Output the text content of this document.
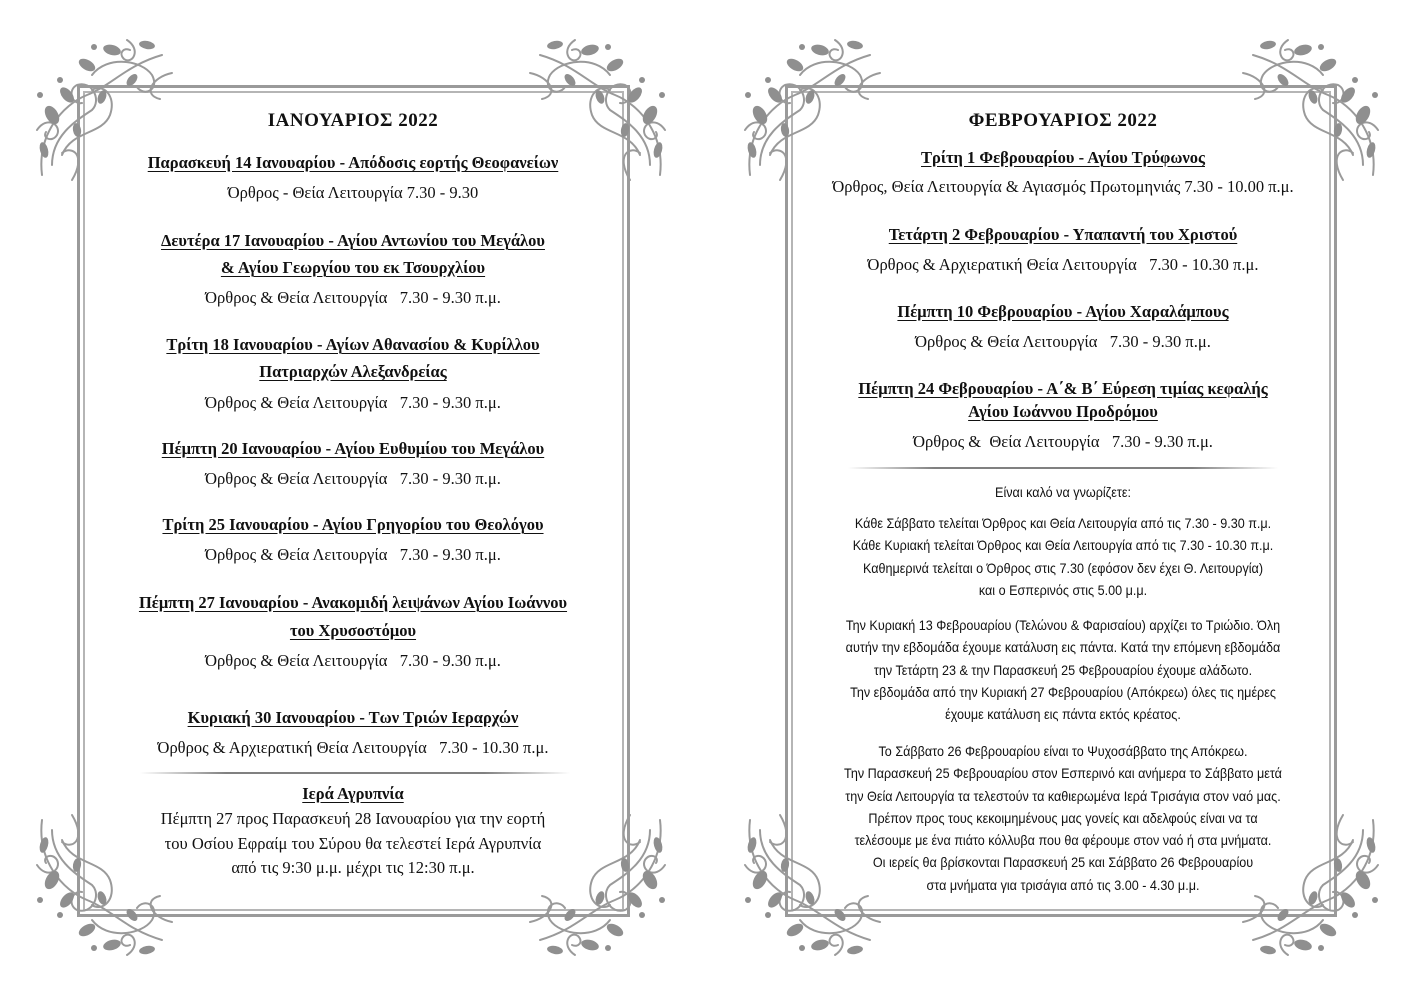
ΙΑΝΟΥΑΡΙΟΣ 2022

Παρασκευή 14 Ιανουαρίου - Απόδοσις εορτής Θεοφανείων

Όρθρος - Θεία Λειτουργία 7.30 - 9.30

Δευτέρα 17 Ιανουαρίου - Αγίου Αντωνίου του Μεγάλου

& Αγίου Γεωργίου του εκ Τσουρχλίου

Όρθρος & Θεία Λειτουργία   7.30 - 9.30 π.μ.

Τρίτη 18 Ιανουαρίου - Αγίων Αθανασίου & Κυρίλλου

Πατριαρχών Αλεξανδρείας

Όρθρος & Θεία Λειτουργία   7.30 - 9.30 π.μ.

Πέμπτη 20 Ιανουαρίου - Αγίου Ευθυμίου του Μεγάλου

Όρθρος & Θεία Λειτουργία   7.30 - 9.30 π.μ.

Τρίτη 25 Ιανουαρίου - Αγίου Γρηγορίου του Θεολόγου

Όρθρος & Θεία Λειτουργία   7.30 - 9.30 π.μ.

Πέμπτη 27 Ιανουαρίου - Ανακομιδή λειψάνων Αγίου Ιωάννου

του Χρυσοστόμου

Όρθρος & Θεία Λειτουργία   7.30 - 9.30 π.μ.

Κυριακή 30 Ιανουαρίου - Των Τριών Ιεραρχών

Όρθρος & Αρχιερατική Θεία Λειτουργία   7.30 - 10.30 π.μ.

Ιερά Αγρυπνία

Πέμπτη 27 προς Παρασκευή 28 Ιανουαρίου για την εορτή
του Οσίου Εφραίμ του Σύρου θα τελεστεί Ιερά Αγρυπνία
από τις 9:30 μ.μ. μέχρι τις 12:30 π.μ.

ΦΕΒΡΟΥΑΡΙΟΣ 2022

Τρίτη 1 Φεβρουαρίου - Αγίου Τρύφωνος

Όρθρος, Θεία Λειτουργία & Αγιασμός Πρωτομηνιάς 7.30 - 10.00 π.μ.

Τετάρτη 2 Φεβρουαρίου - Υπαπαντή του Χριστού

Όρθρος & Αρχιερατική Θεία Λειτουργία   7.30 - 10.30 π.μ.

Πέμπτη 10 Φεβρουαρίου - Αγίου Χαραλάμπους

Όρθρος & Θεία Λειτουργία   7.30 - 9.30 π.μ.

Πέμπτη 24 Φεβρουαρίου - Α΄& Β΄ Εύρεση τιμίας κεφαλής

Αγίου Ιωάννου Προδρόμου

Όρθρος &  Θεία Λειτουργία   7.30 - 9.30 π.μ.

Είναι καλό να γνωρίζετε:

Κάθε Σάββατο τελείται Όρθρος και Θεία Λειτουργία από τις 7.30 - 9.30 π.μ.
Κάθε Κυριακή τελείται Όρθρος και Θεία Λειτουργία από τις 7.30 - 10.30 π.μ.
Καθημερινά τελείται ο Όρθρος στις 7.30 (εφόσον δεν έχει Θ. Λειτουργία)
και ο Εσπερινός στις 5.00 μ.μ.

Την Κυριακή 13 Φεβρουαρίου (Τελώνου & Φαρισαίου) αρχίζει το Τριώδιο. Όλη
αυτήν την εβδομάδα έχουμε κατάλυση εις πάντα. Κατά την επόμενη εβδομάδα
την Τετάρτη 23 & την Παρασκευή 25 Φεβρουαρίου έχουμε αλάδωτο.
Την εβδομάδα από την Κυριακή 27 Φεβρουαρίου (Απόκρεω) όλες τις ημέρες
έχουμε κατάλυση εις πάντα εκτός κρέατος.

Το Σάββατο 26 Φεβρουαρίου είναι το Ψυχοσάββατο της Απόκρεω.
Την Παρασκευή 25 Φεβρουαρίου στον Εσπερινό και ανήμερα το Σάββατο μετά
την Θεία Λειτουργία τα τελεστούν τα καθιερωμένα Ιερά Τρισάγια στον ναό μας.
Πρέπον προς τους κεκοιμημένους μας γονείς και αδελφούς είναι να τα
τελέσουμε με ένα πιάτο κόλλυβα που θα φέρουμε στον ναό ή στα μνήματα.
Οι ιερείς θα βρίσκονται Παρασκευή 25 και Σάββατο 26 Φεβρουαρίου
στα μνήματα για τρισάγια από τις 3.00 - 4.30 μ.μ.
